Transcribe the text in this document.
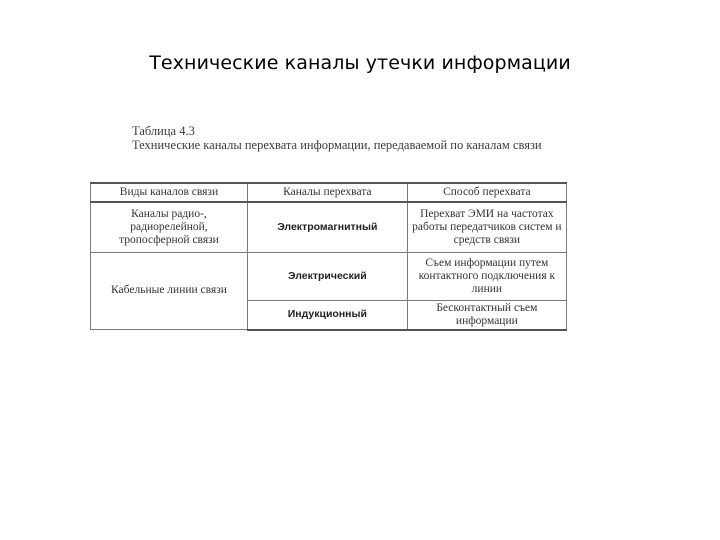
Технические каналы утечки информации
Таблица 4.3
Технические каналы перехвата информации, передаваемой по каналам связи
Виды каналов связи	Каналы перехвата	Способ перехвата
Каналы радио-, радиорелейной, тропосферной связи	Электромагнитный	Перехват ЭМИ на частотах работы передатчиков систем и средств связи
Кабельные линии связи	Электрический	Съем информации путем контактного подключения к линии
	Индукционный	Бесконтактный съем информации
